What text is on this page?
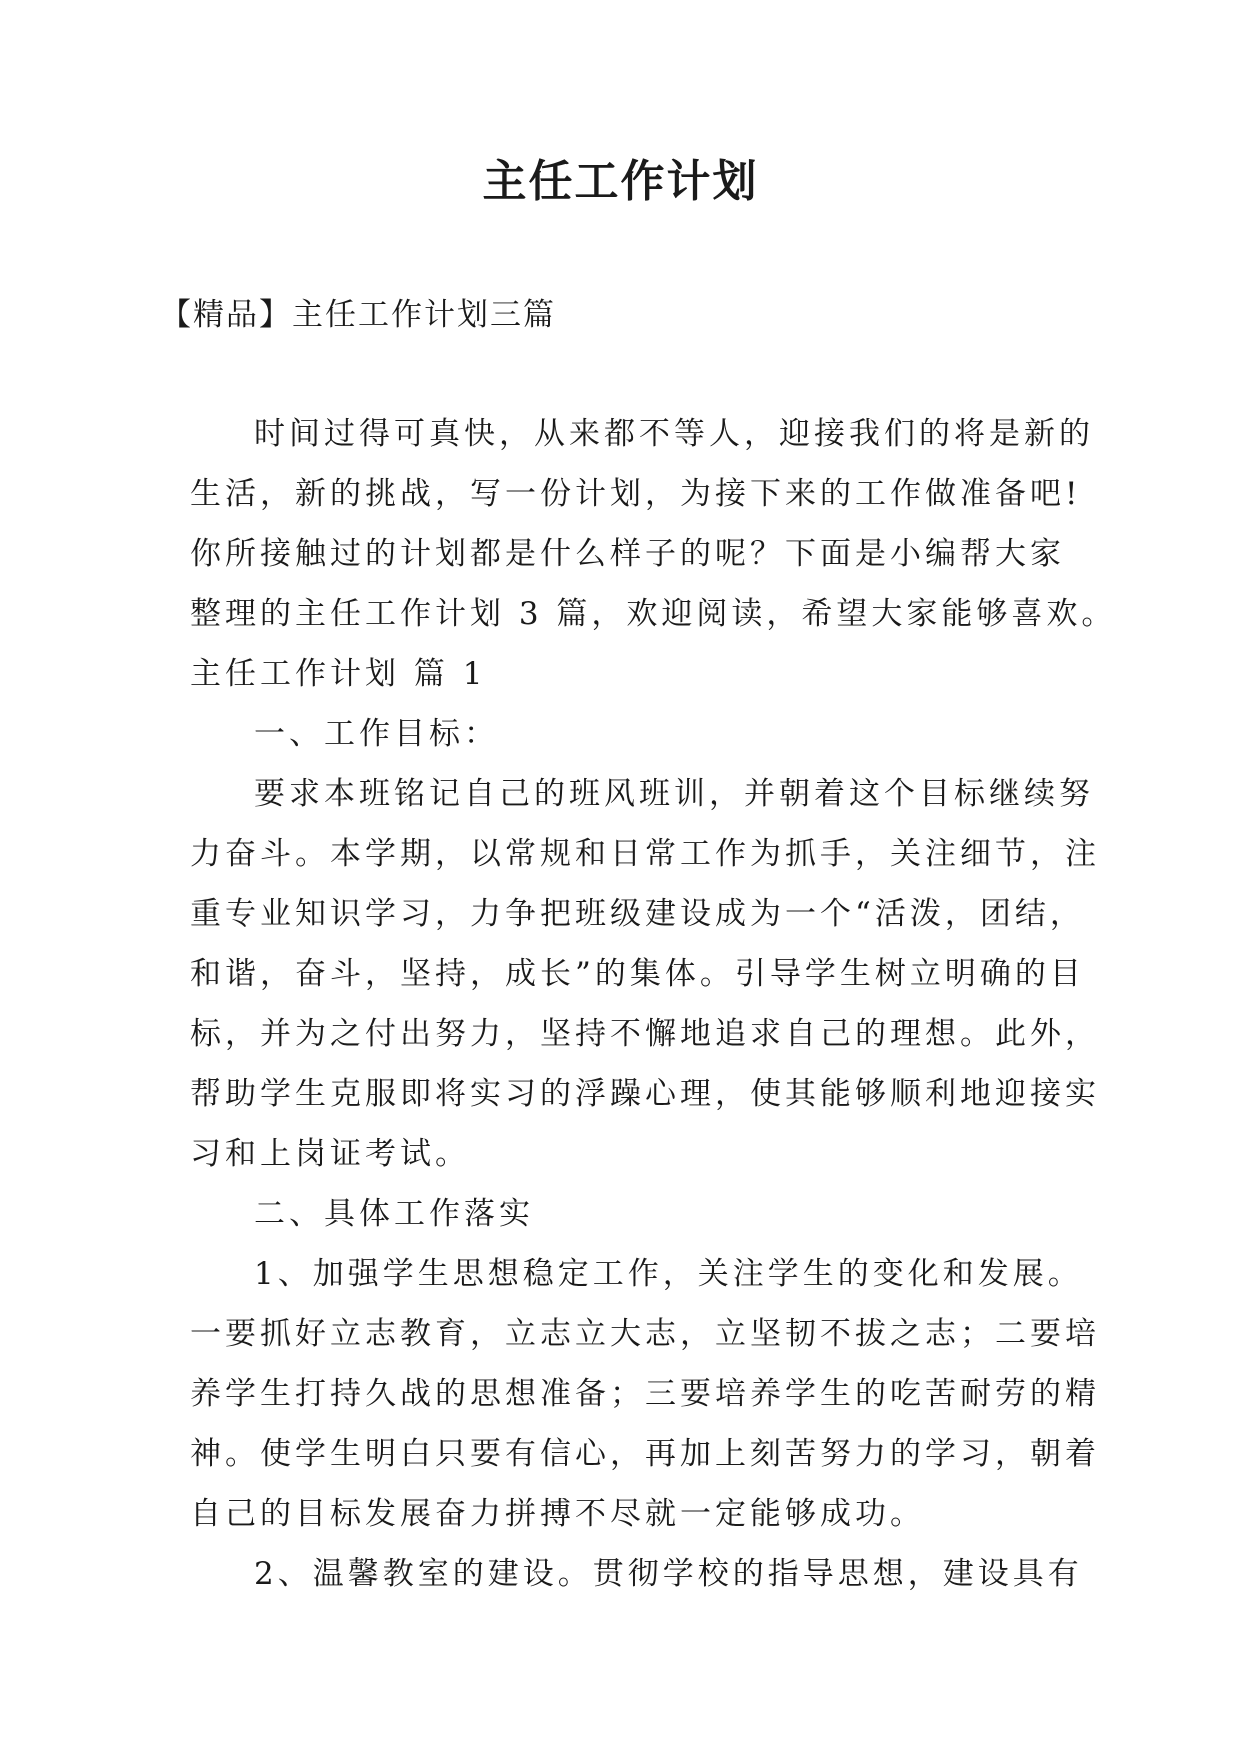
主任工作计划

【精品】主任工作计划三篇

时间过得可真快，从来都不等人，迎接我们的将是新的
生活，新的挑战，写一份计划，为接下来的工作做准备吧!
你所接触过的计划都是什么样子的呢？下面是小编帮大家
整理的主任工作计划 3 篇，欢迎阅读，希望大家能够喜欢。
主任工作计划 篇 1
一、工作目标：
要求本班铭记自己的班风班训，并朝着这个目标继续努
力奋斗。本学期，以常规和日常工作为抓手，关注细节，注
重专业知识学习，力争把班级建设成为一个“活泼，团结，
和谐，奋斗，坚持，成长”的集体。引导学生树立明确的目
标，并为之付出努力，坚持不懈地追求自己的理想。此外，
帮助学生克服即将实习的浮躁心理，使其能够顺利地迎接实
习和上岗证考试。
二、具体工作落实
1、加强学生思想稳定工作，关注学生的变化和发展。
一要抓好立志教育，立志立大志，立坚韧不拔之志；二要培
养学生打持久战的思想准备；三要培养学生的吃苦耐劳的精
神。使学生明白只要有信心，再加上刻苦努力的学习，朝着
自己的目标发展奋力拼搏不尽就一定能够成功。
2、温馨教室的建设。贯彻学校的指导思想，建设具有
